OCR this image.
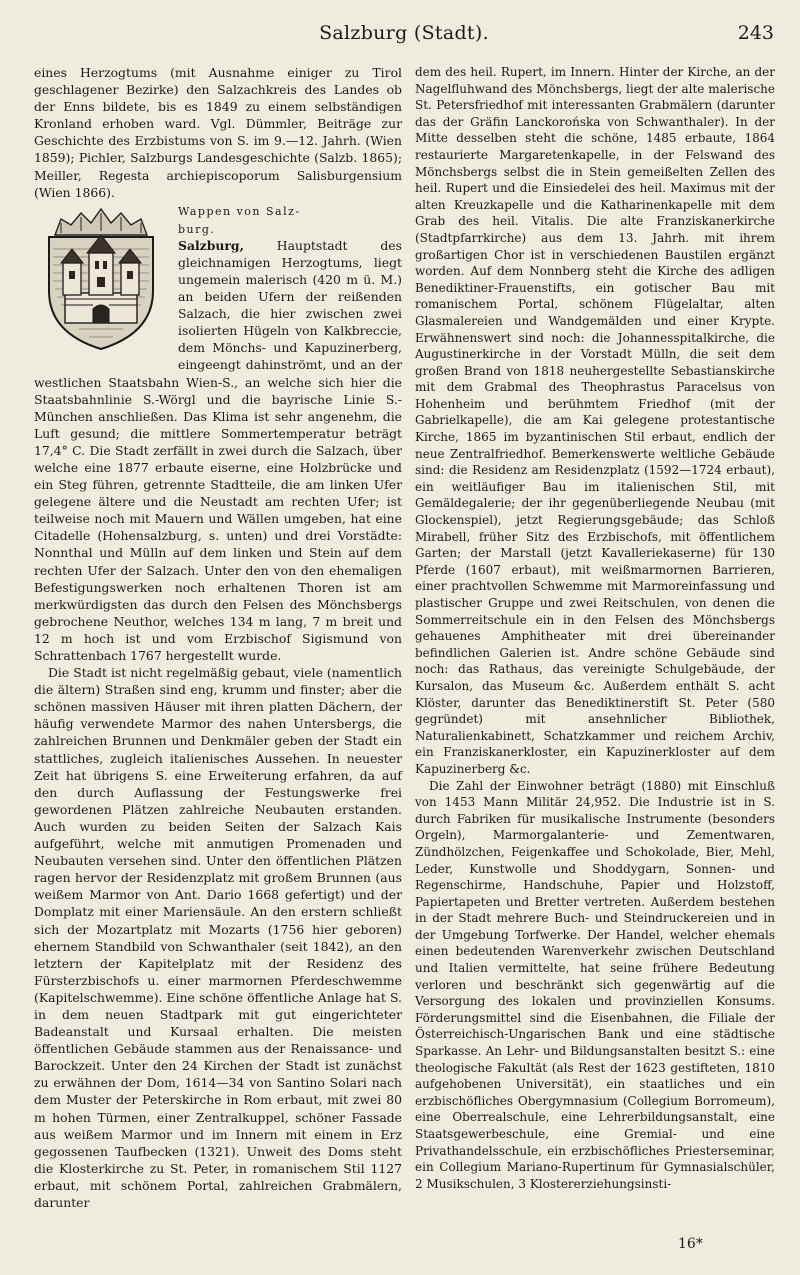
Salzburg (Stadt).	243

eines Herzogtums (mit Ausnahme einiger zu Tirol geschlagener Bezirke) den Salzachkreis des Landes ob der Enns bildete, bis es 1849 zu einem selbständigen Kronland erhoben ward. Vgl. Dümmler, Beiträge zur Geschichte des Erzbistums von S. im 9.—12. Jahrh. (Wien 1859); Pichler, Salzburgs Landesgeschichte (Salzb. 1865); Meiller, Regesta archiepiscoporum Salisburgensium (Wien 1866).

Wappen von Salz-
burg.
Salzburg,	Hauptstadt des gleichnamigen Herzogtums, liegt ungemein malerisch (420 m ü. M.) an beiden Ufern der reißenden Salzach, die hier zwischen zwei isolierten Hügeln von Kalkbreccie, dem Mönchs- und Kapuzinerberg, eingeengt dahinströmt, und an der westlichen Staatsbahn Wien-S., an welche sich hier die Staatsbahnlinie S.-Wörgl und die bayrische Linie S.-München anschließen. Das Klima ist sehr angenehm, die Luft gesund; die mittlere Sommertemperatur beträgt 17,4° C. Die Stadt zerfällt in zwei durch die Salzach, über welche eine 1877 erbaute eiserne, eine Holzbrücke und ein Steg führen, getrennte Stadtteile, die am linken Ufer gelegene ältere und die Neustadt am rechten Ufer; ist teilweise noch mit Mauern und Wällen umgeben, hat eine Citadelle (Hohensalzburg, s. unten) und drei Vorstädte: Nonnthal und Mülln auf dem linken und Stein auf dem rechten Ufer der Salzach. Unter den von den ehemaligen Befestigungswerken noch erhaltenen Thoren ist am merkwürdigsten das durch den Felsen des Mönchsbergs gebrochene Neuthor, welches 134 m lang, 7 m breit und 12 m hoch ist und vom Erzbischof Sigismund von Schrattenbach 1767 hergestellt wurde.

Die Stadt ist nicht regelmäßig gebaut, viele (namentlich die ältern) Straßen sind eng, krumm und finster; aber die schönen massiven Häuser mit ihren platten Dächern, der häufig verwendete Marmor des nahen Untersbergs, die zahlreichen Brunnen und Denkmäler geben der Stadt ein stattliches, zugleich italienisches Aussehen. In neuester Zeit hat übrigens S. eine Erweiterung erfahren, da auf den durch Auflassung der Festungswerke frei gewordenen Plätzen zahlreiche Neubauten erstanden. Auch wurden zu beiden Seiten der Salzach Kais aufgeführt, welche mit anmutigen Promenaden und Neubauten versehen sind. Unter den öffentlichen Plätzen ragen hervor der Residenzplatz mit großem Brunnen (aus weißem Marmor von Ant. Dario 1668 gefertigt) und der Domplatz mit einer Mariensäule. An den erstern schließt sich der Mozartplatz mit Mozarts (1756 hier geboren) ehernem Standbild von Schwanthaler (seit 1842), an den letztern der Kapitelplatz mit der Residenz des Fürsterzbischofs u. einer marmornen Pferdeschwemme (Kapitelschwemme). Eine schöne öffentliche Anlage hat S. in dem neuen Stadtpark mit gut eingerichteter Badeanstalt und Kursaal erhalten. Die meisten öffentlichen Gebäude stammen aus der Renaissance- und Barockzeit. Unter den 24 Kirchen der Stadt ist zunächst zu erwähnen der Dom, 1614—34 von Santino Solari nach dem Muster der Peterskirche in Rom erbaut, mit zwei 80 m hohen Türmen, einer Zentralkuppel, schöner Fassade aus weißem Marmor und im Innern mit einem in Erz gegossenen Taufbecken (1321). Unweit des Doms steht die Klosterkirche zu St. Peter, in romanischem Stil 1127 erbaut, mit schönem Portal, zahlreichen Grabmälern, darunter

dem des heil. Rupert, im Innern. Hinter der Kirche, an der Nagelfluhwand des Mönchsbergs, liegt der alte malerische St. Petersfriedhof mit interessanten Grabmälern (darunter das der Gräfin Lanckorońska von Schwanthaler). In der Mitte desselben steht die schöne, 1485 erbaute, 1864 restaurierte Margaretenkapelle, in der Felswand des Mönchsbergs selbst die in Stein gemeißelten Zellen des heil. Rupert und die Einsiedelei des heil. Maximus mit der alten Kreuzkapelle und die Katharinenkapelle mit dem Grab des heil. Vitalis. Die alte Franziskanerkirche (Stadtpfarrkirche) aus dem 13. Jahrh. mit ihrem großartigen Chor ist in verschiedenen Baustilen ergänzt worden. Auf dem Nonnberg steht die Kirche des adligen Benediktiner-Frauenstifts, ein gotischer Bau mit romanischem Portal, schönem Flügelaltar, alten Glasmalereien und Wandgemälden und einer Krypte. Erwähnenswert sind noch: die Johannesspitalkirche, die Augustinerkirche in der Vorstadt Mülln, die seit dem großen Brand von 1818 neuhergestellte Sebastianskirche mit dem Grabmal des Theophrastus Paracelsus von Hohenheim und berühmtem Friedhof (mit der Gabrielkapelle), die am Kai gelegene protestantische Kirche, 1865 im byzantinischen Stil erbaut, endlich der neue Zentralfriedhof. Bemerkenswerte weltliche Gebäude sind: die Residenz am Residenzplatz (1592—1724 erbaut), ein weitläufiger Bau im italienischen Stil, mit Gemäldegalerie; der ihr gegenüberliegende Neubau (mit Glockenspiel), jetzt Regierungsgebäude; das Schloß Mirabell, früher Sitz des Erzbischofs, mit öffentlichem Garten; der Marstall (jetzt Kavalleriekaserne) für 130 Pferde (1607 erbaut), mit weißmarmornen Barrieren, einer prachtvollen Schwemme mit Marmoreinfassung und plastischer Gruppe und zwei Reitschulen, von denen die Sommerreitschule ein in den Felsen des Mönchsbergs gehauenes Amphitheater mit drei übereinander befindlichen Galerien ist. Andre schöne Gebäude sind noch: das Rathaus, das vereinigte Schulgebäude, der Kursalon, das Museum &c. Außerdem enthält S. acht Klöster, darunter das Benediktinerstift St. Peter (580 gegründet) mit ansehnlicher Bibliothek, Naturalienkabinett, Schatzkammer und reichem Archiv, ein Franziskanerkloster, ein Kapuzinerkloster auf dem Kapuzinerberg &c.

Die Zahl der Einwohner beträgt (1880) mit Einschluß von 1453 Mann Militär 24,952. Die Industrie ist in S. durch Fabriken für musikalische Instrumente (besonders Orgeln), Marmorgalanterie- und Zementwaren, Zündhölzchen, Feigenkaffee und Schokolade, Bier, Mehl, Leder, Kunstwolle und Shoddygarn, Sonnen- und Regenschirme, Handschuhe, Papier und Holzstoff, Papiertapeten und Bretter vertreten. Außerdem bestehen in der Stadt mehrere Buch- und Steindruckereien und in der Umgebung Torfwerke. Der Handel, welcher ehemals einen bedeutenden Warenverkehr zwischen Deutschland und Italien vermittelte, hat seine frühere Bedeutung verloren und beschränkt sich gegenwärtig auf die Versorgung des lokalen und provinziellen Konsums. Förderungsmittel sind die Eisenbahnen, die Filiale der Österreichisch-Ungarischen Bank und eine städtische Sparkasse. An Lehr- und Bildungsanstalten besitzt S.: eine theologische Fakultät (als Rest der 1623 gestifteten, 1810 aufgehobenen Universität), ein staatliches und ein erzbischöfliches Obergymnasium (Collegium Borromeum), eine Oberrealschule, eine Lehrerbildungsanstalt, eine Staatsgewerbeschule, eine Gremial- und eine Privathandelsschule, ein erzbischöfliches Priesterseminar, ein Collegium Mariano-Rupertinum für Gymnasialschüler, 2 Musikschulen, 3 Klostererziehungsinsti-

16*
